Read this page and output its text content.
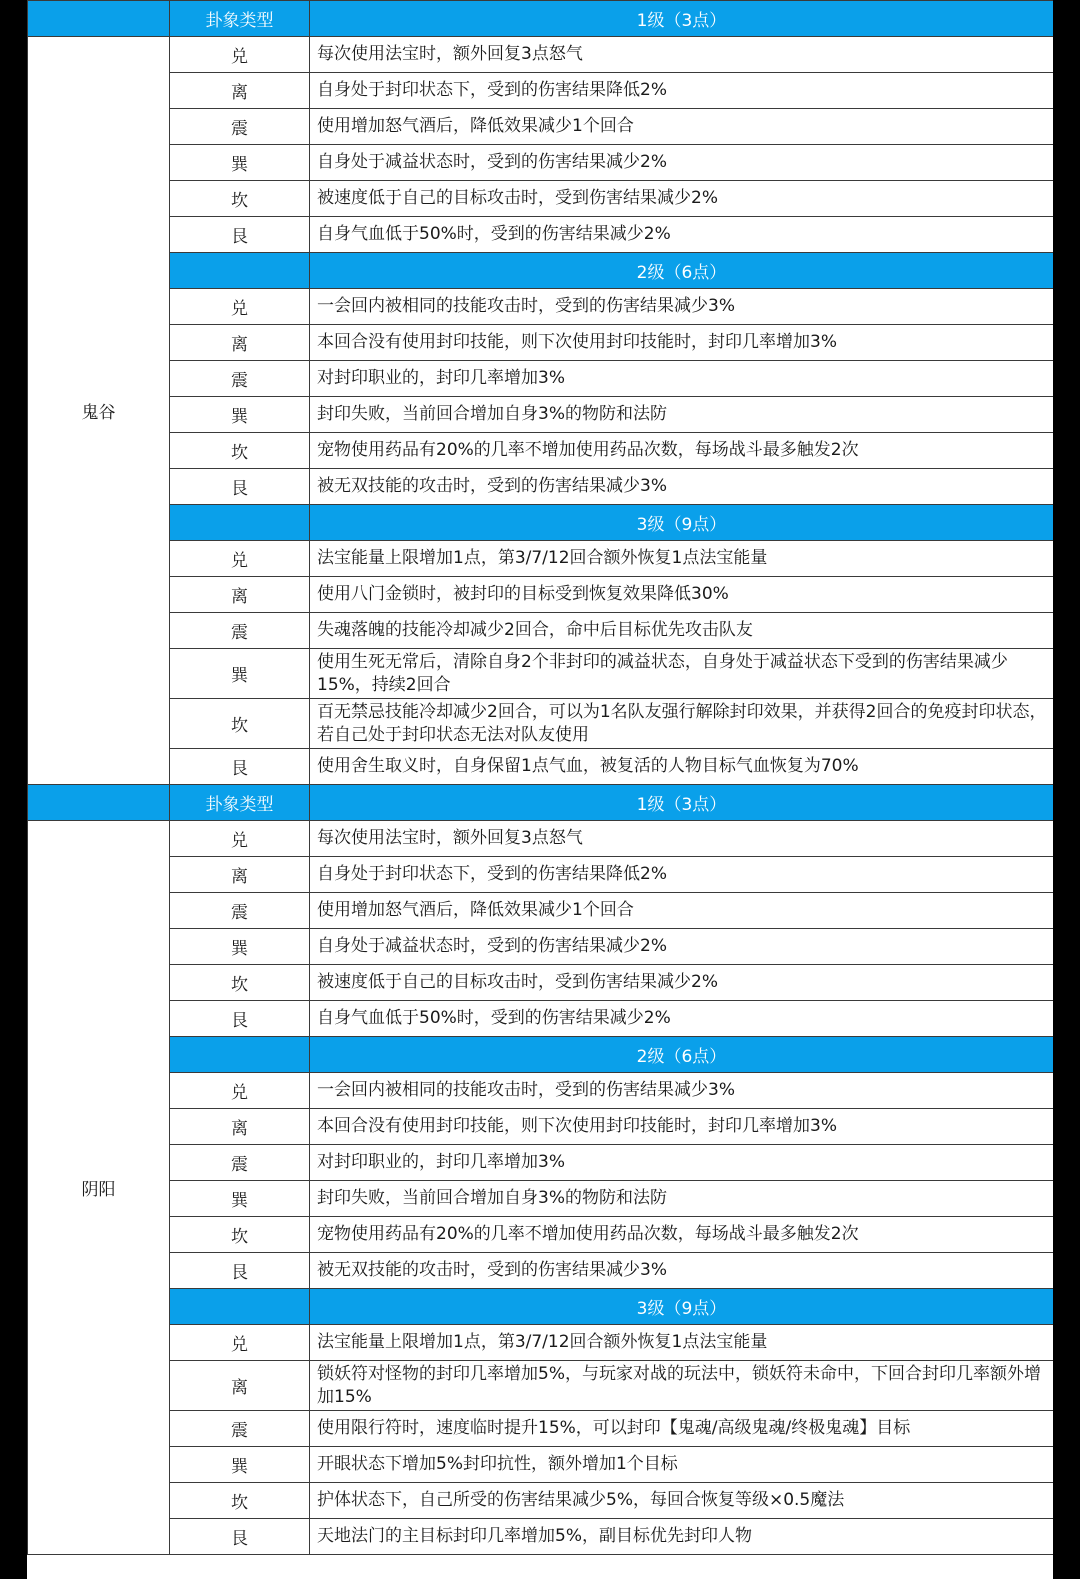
	卦象类型	1级（3点）
鬼谷	兑	每次使用法宝时，额外回复3点怒气
	离	自身处于封印状态下，受到的伤害结果降低2%
	震	使用增加怒气酒后，降低效果减少1个回合
	巽	自身处于减益状态时，受到的伤害结果减少2%
	坎	被速度低于自己的目标攻击时，受到伤害结果减少2%
	艮	自身气血低于50%时，受到的伤害结果减少2%
		2级（6点）
	兑	一会回内被相同的技能攻击时，受到的伤害结果减少3%
	离	本回合没有使用封印技能，则下次使用封印技能时，封印几率增加3%
	震	对封印职业的，封印几率增加3%
	巽	封印失败，当前回合增加自身3%的物防和法防
	坎	宠物使用药品有20%的几率不增加使用药品次数，每场战斗最多触发2次
	艮	被无双技能的攻击时，受到的伤害结果减少3%
		3级（9点）
	兑	法宝能量上限增加1点，第3/7/12回合额外恢复1点法宝能量
	离	使用八门金锁时，被封印的目标受到恢复效果降低30%
	震	失魂落魄的技能冷却减少2回合，命中后目标优先攻击队友
	巽	使用生死无常后，清除自身2个非封印的减益状态，自身处于减益状态下受到的伤害结果减少15%，持续2回合
	坎	百无禁忌技能冷却减少2回合，可以为1名队友强行解除封印效果，并获得2回合的免疫封印状态，若自己处于封印状态无法对队友使用
	艮	使用舍生取义时，自身保留1点气血，被复活的人物目标气血恢复为70%
	卦象类型	1级（3点）
阴阳	兑	每次使用法宝时，额外回复3点怒气
	离	自身处于封印状态下，受到的伤害结果降低2%
	震	使用增加怒气酒后，降低效果减少1个回合
	巽	自身处于减益状态时，受到的伤害结果减少2%
	坎	被速度低于自己的目标攻击时，受到伤害结果减少2%
	艮	自身气血低于50%时，受到的伤害结果减少2%
		2级（6点）
	兑	一会回内被相同的技能攻击时，受到的伤害结果减少3%
	离	本回合没有使用封印技能，则下次使用封印技能时，封印几率增加3%
	震	对封印职业的，封印几率增加3%
	巽	封印失败，当前回合增加自身3%的物防和法防
	坎	宠物使用药品有20%的几率不增加使用药品次数，每场战斗最多触发2次
	艮	被无双技能的攻击时，受到的伤害结果减少3%
		3级（9点）
	兑	法宝能量上限增加1点，第3/7/12回合额外恢复1点法宝能量
	离	锁妖符对怪物的封印几率增加5%，与玩家对战的玩法中，锁妖符未命中，下回合封印几率额外增加15%
	震	使用限行符时，速度临时提升15%，可以封印【鬼魂/高级鬼魂/终极鬼魂】目标
	巽	开眼状态下增加5%封印抗性，额外增加1个目标
	坎	护体状态下，自己所受的伤害结果减少5%，每回合恢复等级×0.5魔法
	艮	天地法门的主目标封印几率增加5%，副目标优先封印人物
